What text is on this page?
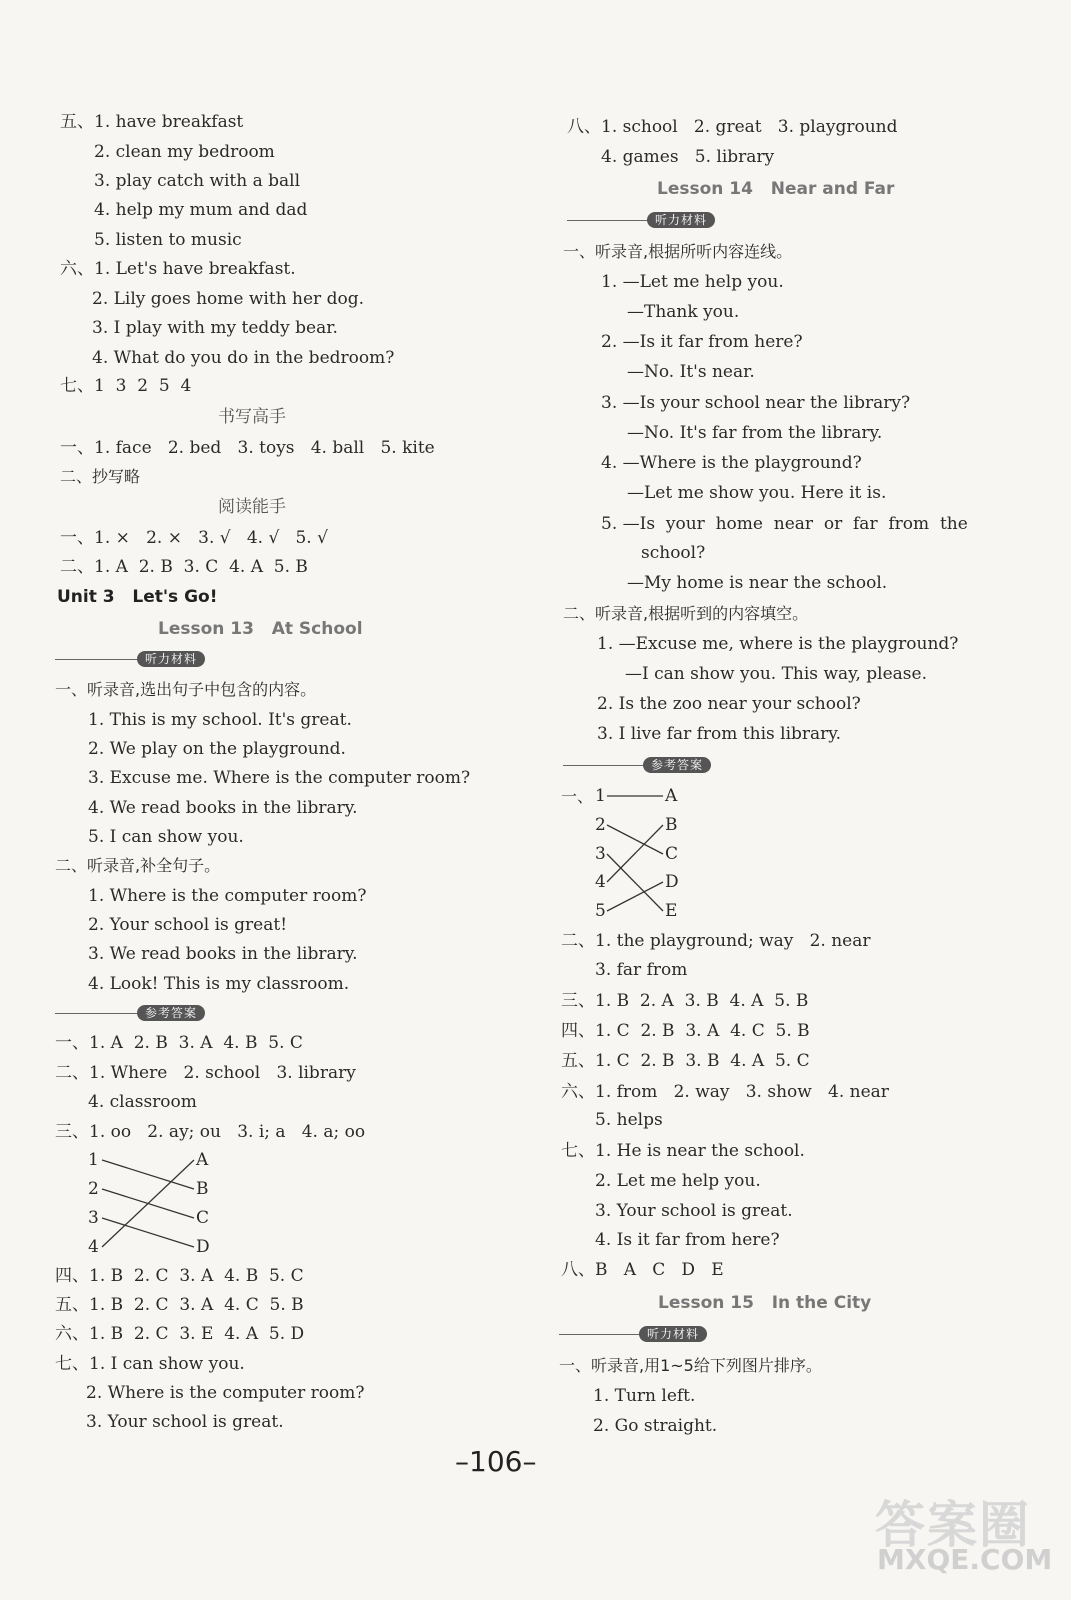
五、1. have breakfast
2. clean my bedroom
3. play catch with a ball
4. help my mum and dad
5. listen to music
六、1. Let's have breakfast.
2. Lily goes home with her dog.
3. I play with my teddy bear.
4. What do you do in the bedroom?
七、1  3  2  5  4
书写高手
一、1. face   2. bed   3. toys   4. ball   5. kite
二、抄写略
阅读能手
一、1. ×   2. ×   3. √   4. √   5. √
二、1. A  2. B  3. C  4. A  5. B
Unit 3   Let's Go!
Lesson 13   At School
听力材料
一、听录音,选出句子中包含的内容。
1. This is my school. It's great.
2. We play on the playground.
3. Excuse me. Where is the computer room?
4. We read books in the library.
5. I can show you.
二、听录音,补全句子。
1. Where is the computer room?
2. Your school is great!
3. We read books in the library.
4. Look! This is my classroom.
参考答案
一、1. A  2. B  3. A  4. B  5. C
二、1. Where   2. school   3. library
4. classroom
三、1. oo   2. ay; ou   3. i; a   4. a; oo
1
2
3
4
A
B
C
D
四、1. B  2. C  3. A  4. B  5. C
五、1. B  2. C  3. A  4. C  5. B
六、1. B  2. C  3. E  4. A  5. D
七、1. I can show you.
2. Where is the computer room?
3. Your school is great.
八、1. school   2. great   3. playground
4. games   5. library
Lesson 14   Near and Far
听力材料
一、听录音,根据所听内容连线。
1. —Let me help you.
—Thank you.
2. —Is it far from here?
—No. It's near.
3. —Is your school near the library?
—No. It's far from the library.
4. —Where is the playground?
—Let me show you. Here it is.
5. —Is  your  home  near  or  far  from  the
school?
—My home is near the school.
二、听录音,根据听到的内容填空。
1. —Excuse me, where is the playground?
—I can show you. This way, please.
2. Is the zoo near your school?
3. I live far from this library.
参考答案
一、 1
2
3
4
5
A
B
C
D
E
二、1. the playground; way   2. near
3. far from
三、1. B  2. A  3. B  4. A  5. B
四、1. C  2. B  3. A  4. C  5. B
五、1. C  2. B  3. B  4. A  5. C
六、1. from   2. way   3. show   4. near
5. helps
七、1. He is near the school.
2. Let me help you.
3. Your school is great.
4. Is it far from here?
八、B   A   C   D   E
Lesson 15   In the City
听力材料
一、听录音,用1~5给下列图片排序。
1. Turn left.
2. Go straight.
–106–
答案圈
MXQE.COM
